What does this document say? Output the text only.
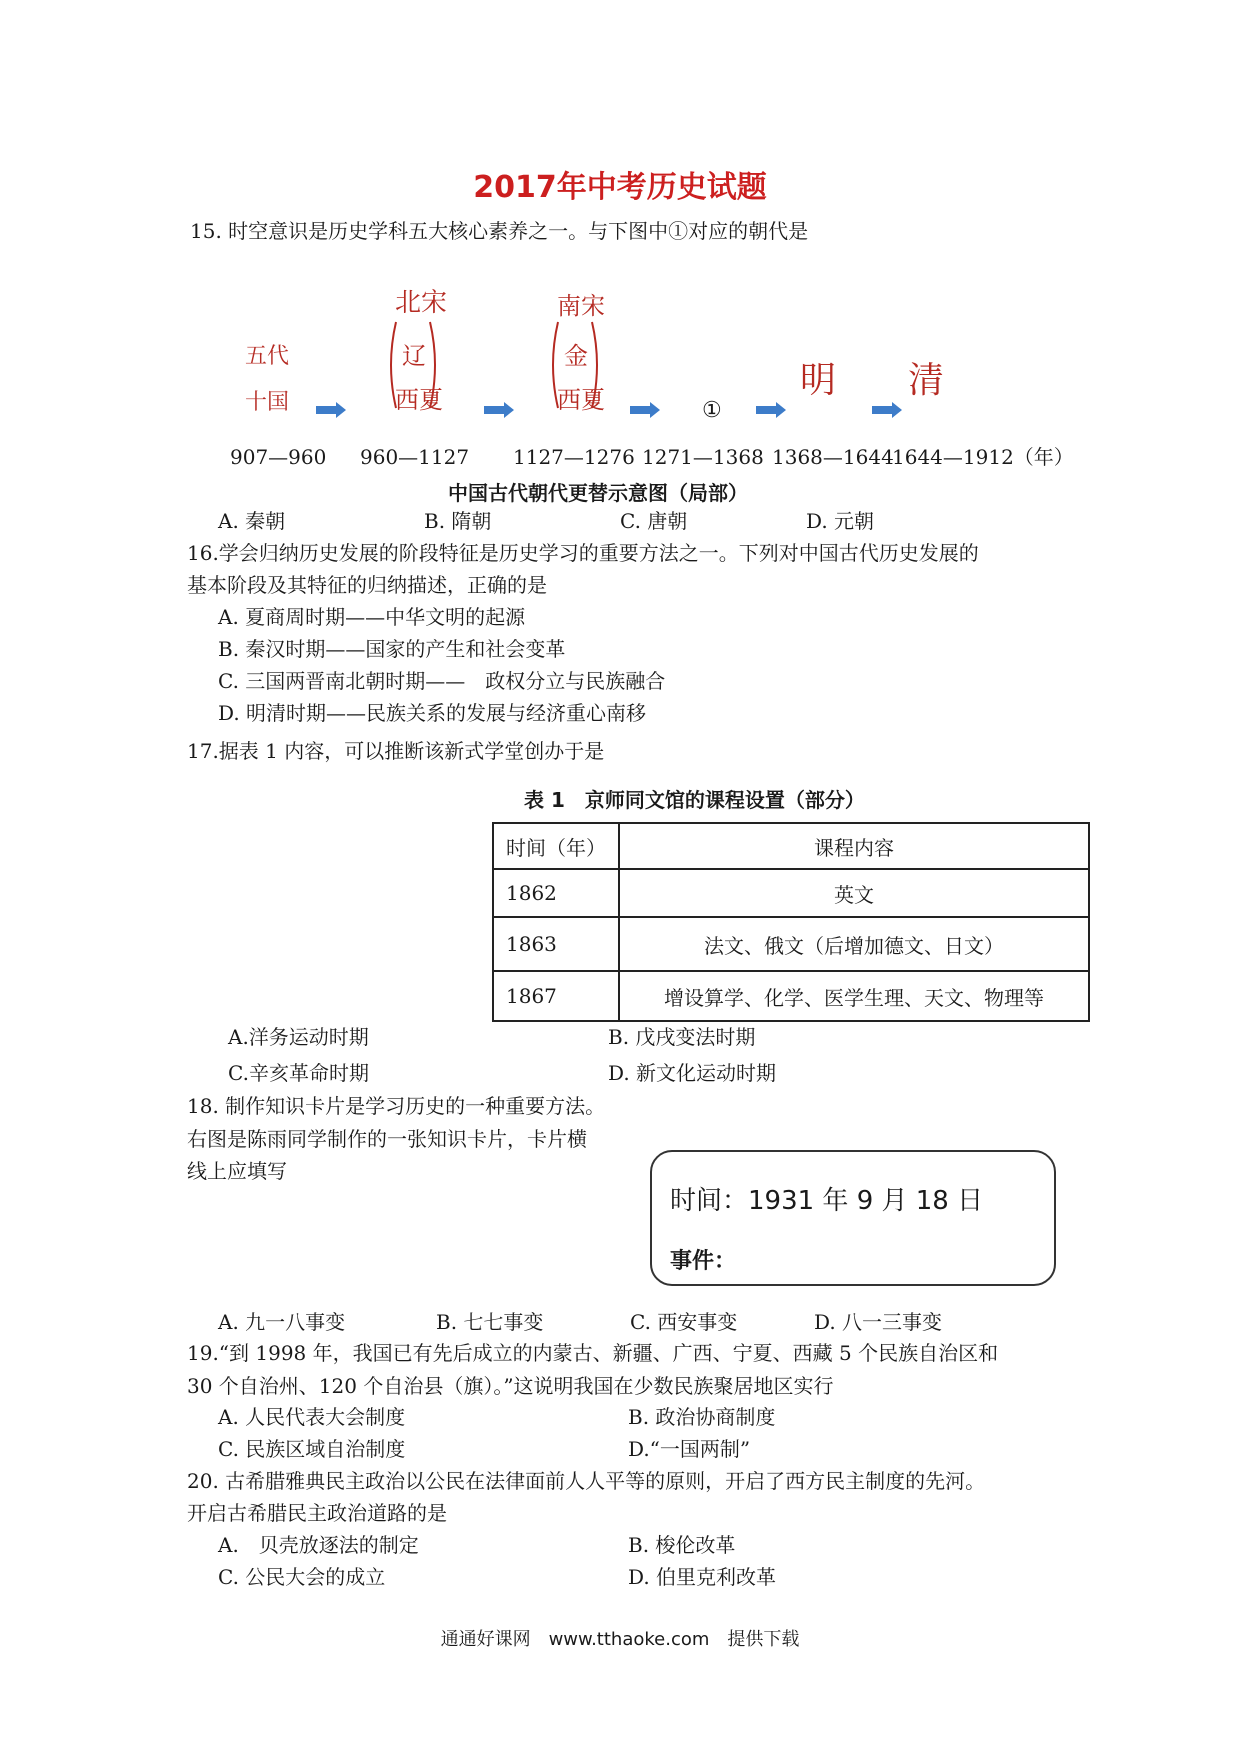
2017年中考历史试题
15. 时空意识是历史学科五大核心素养之一。与下图中①对应的朝代是
五代
十国
北宋
辽
西夏
南宋
金
西夏	①
明 清
907—960 960—1127 1127—1276 1271—1368 1368—1644
1644—1912（年）
中国古代朝代更替示意图（局部）
A. 秦朝	B. 隋朝	C. 唐朝	D. 元朝
16.学会归纳历史发展的阶段特征是历史学习的重要方法之一。下列对中国古代历史发展的
基本阶段及其特征的归纳描述，正确的是
A. 夏商周时期——中华文明的起源
B. 秦汉时期——国家的产生和社会变革
C. 三国两晋南北朝时期——　政权分立与民族融合
D. 明清时期——民族关系的发展与经济重心南移
17.据表 1 内容，可以推断该新式学堂创办于是
表 1　京师同文馆的课程设置（部分）
时间（年）	课程内容
1862	英文
1863	法文、俄文（后增加德文、日文）
1867	增设算学、化学、医学生理、天文、物理等
A.洋务运动时期	B. 戊戌变法时期
C.辛亥革命时期	D. 新文化运动时期
18. 制作知识卡片是学习历史的一种重要方法。
右图是陈雨同学制作的一张知识卡片，卡片横
线上应填写
时间：1931 年 9 月 18 日
事件：
A. 九一八事变	B. 七七事变	C. 西安事变	D. 八一三事变
19.“到 1998 年，我国已有先后成立的内蒙古、新疆、广西、宁夏、西藏 5 个民族自治区和
30 个自治州、120 个自治县（旗）。”这说明我国在少数民族聚居地区实行
A. 人民代表大会制度	B. 政治协商制度
C. 民族区域自治制度	D.“一国两制”
20. 古希腊雅典民主政治以公民在法律面前人人平等的原则，开启了西方民主制度的先河。
开启古希腊民主政治道路的是
A.　贝壳放逐法的制定	B. 梭伦改革
C. 公民大会的成立	D. 伯里克利改革
通通好课网　www.tthaoke.com　提供下载
